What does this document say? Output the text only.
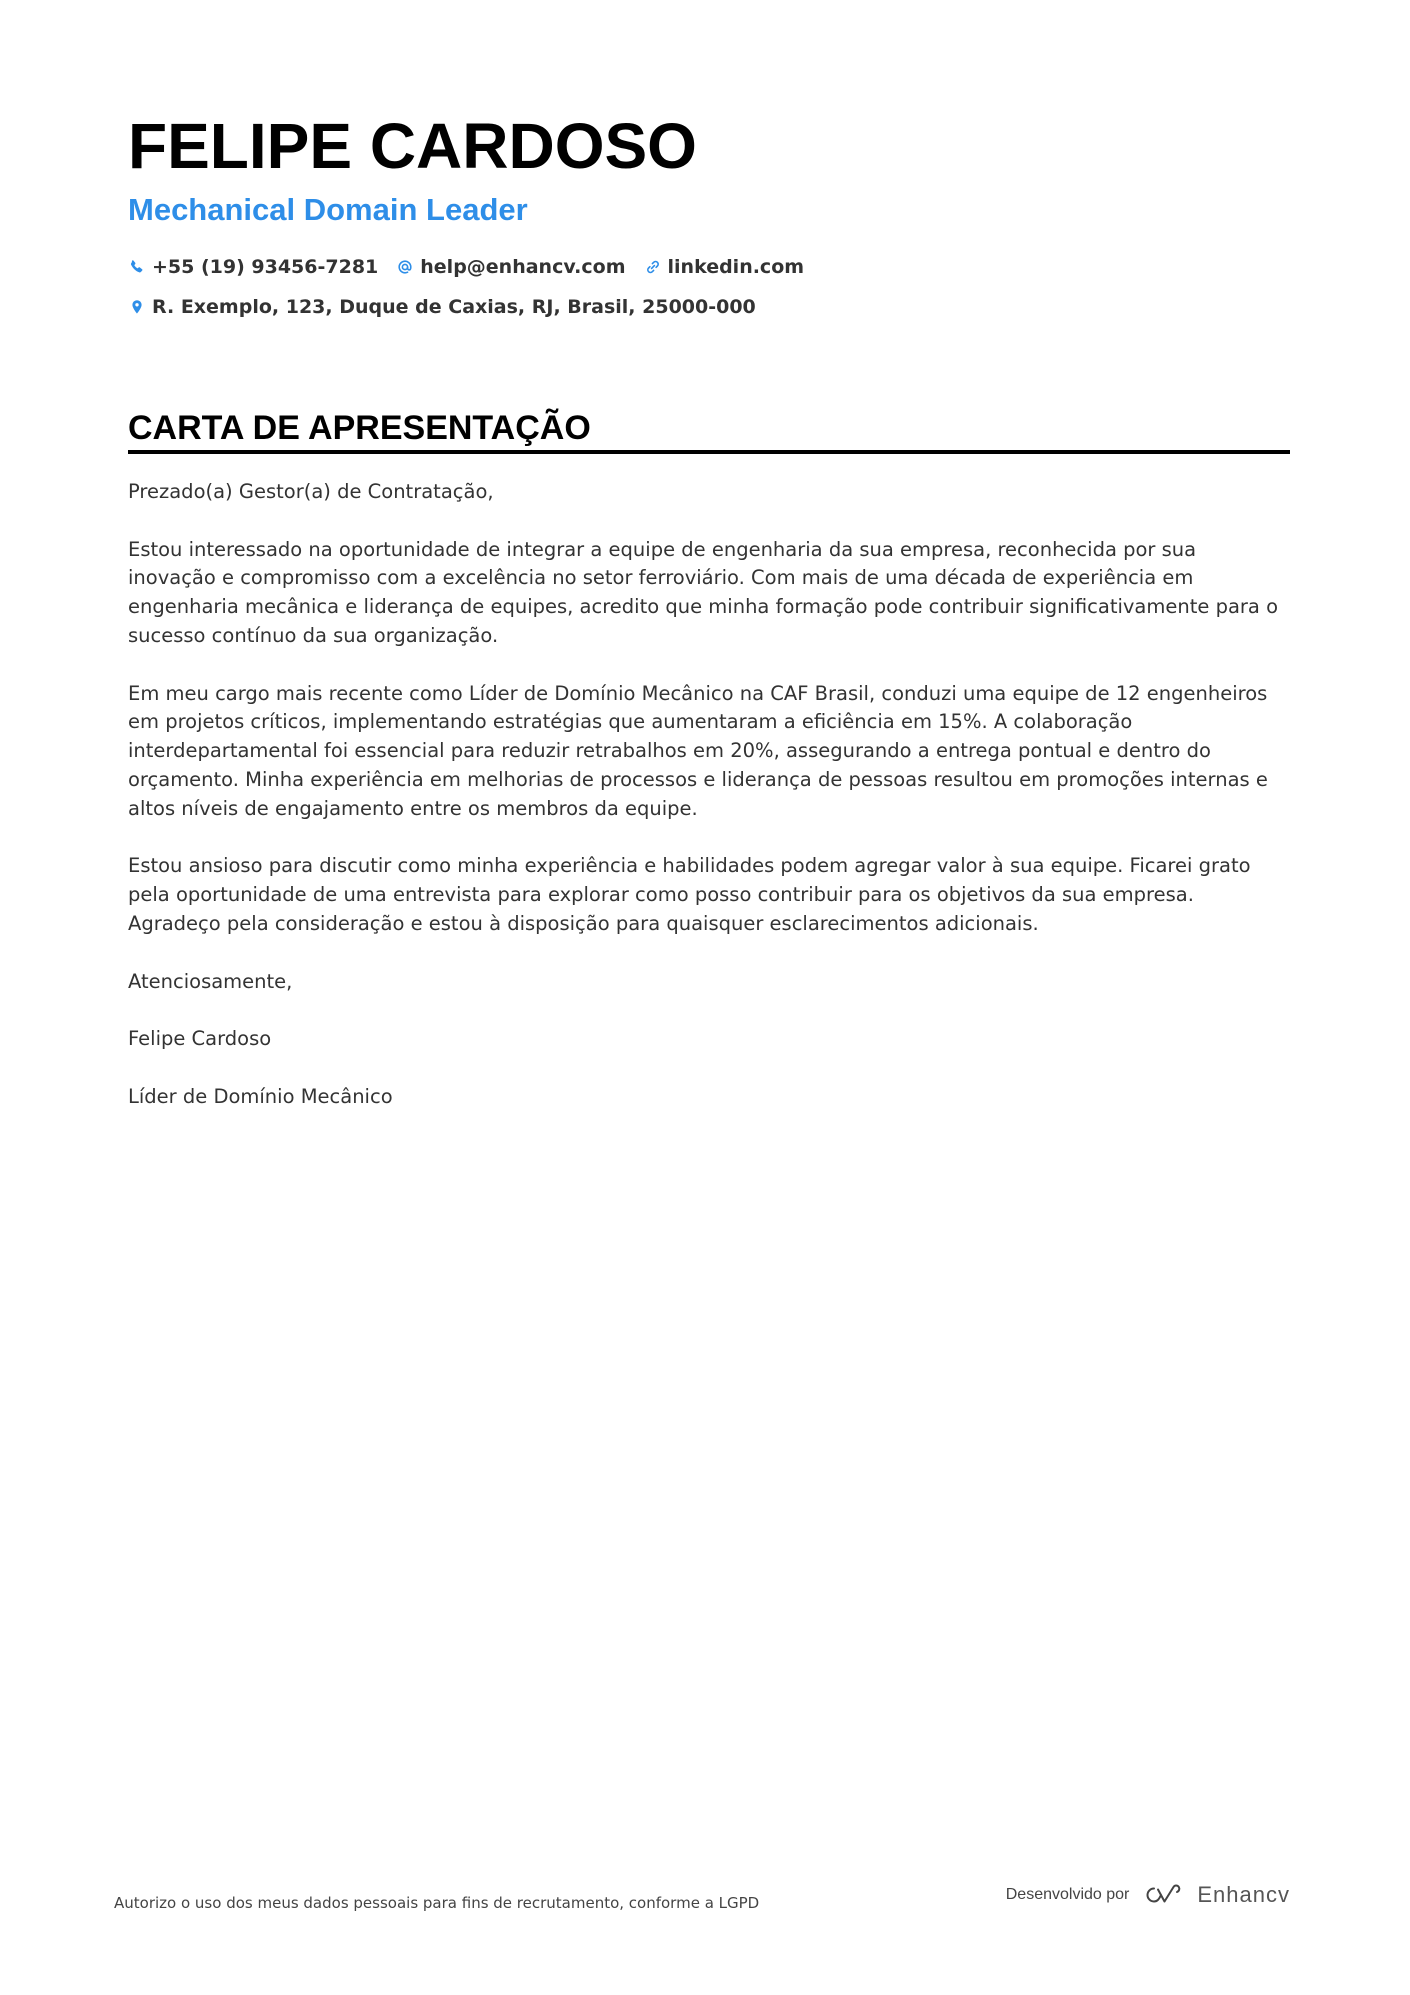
FELIPE CARDOSO
Mechanical Domain Leader
+55 (19) 93456-7281 help@enhancv.com linkedin.com
R. Exemplo, 123, Duque de Caxias, RJ, Brasil, 25000-000
CARTA DE APRESENTAÇÃO

Prezado(a) Gestor(a) de Contratação,

Estou interessado na oportunidade de integrar a equipe de engenharia da sua empresa, reconhecida por sua inovação e compromisso com a excelência no setor ferroviário. Com mais de uma década de experiência em engenharia mecânica e liderança de equipes, acredito que minha formação pode contribuir significativamente para o sucesso contínuo da sua organização.

Em meu cargo mais recente como Líder de Domínio Mecânico na CAF Brasil, conduzi uma equipe de 12 engenheiros em projetos críticos, implementando estratégias que aumentaram a eficiência em 15%. A colaboração interdepartamental foi essencial para reduzir retrabalhos em 20%, assegurando a entrega pontual e dentro do orçamento. Minha experiência em melhorias de processos e liderança de pessoas resultou em promoções internas e altos níveis de engajamento entre os membros da equipe.

Estou ansioso para discutir como minha experiência e habilidades podem agregar valor à sua equipe. Ficarei grato pela oportunidade de uma entrevista para explorar como posso contribuir para os objetivos da sua empresa. Agradeço pela consideração e estou à disposição para quaisquer esclarecimentos adicionais.

Atenciosamente,

Felipe Cardoso

Líder de Domínio Mecânico

Autorizo o uso dos meus dados pessoais para fins de recrutamento, conforme a LGPD	Desenvolvido por	Enhancv
